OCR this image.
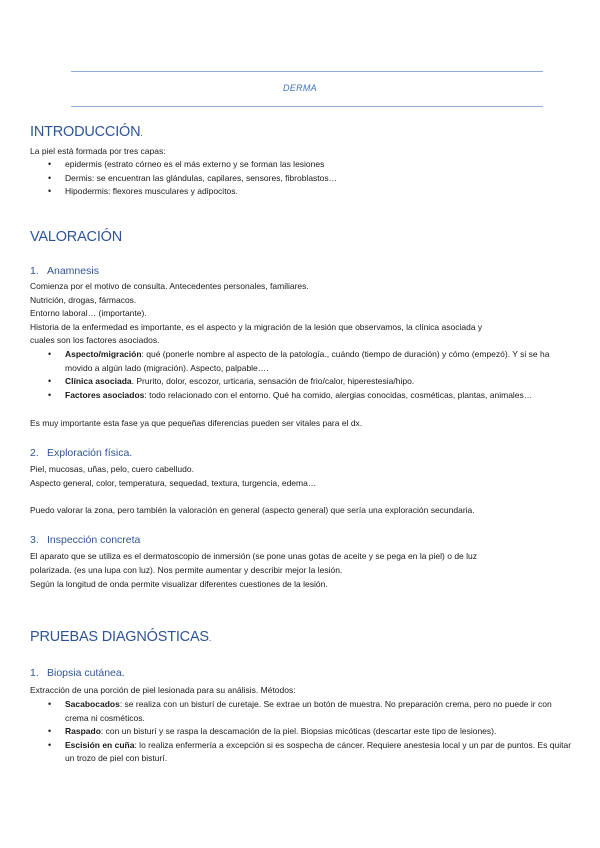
DERMA
INTRODUCCIÓN.
La piel está formada por tres capas:
• epidermis (estrato córneo es el más externo y se forman las lesiones
• Dermis: se encuentran las glándulas, capilares, sensores, fibroblastos…
• Hipodermis: flexores musculares y adipocitos.
VALORACIÓN
1. Anamnesis
Comienza por el motivo de consulta. Antecedentes personales, familiares.
Nutrición, drogas, fármacos.
Entorno laboral… (importante).
Historia de la enfermedad es importante, es el aspecto y la migración de la lesión que observamos, la clínica asociada y
cuales son los factores asociados.
• Aspecto/migración: qué (ponerle nombre al aspecto de la patología., cuándo (tiempo de duración) y cómo (empezó). Y si se ha movido a algún lado (migración). Aspecto, palpable….
• Clínica asociada. Prurito, dolor, escozor, urticaria, sensación de frio/calor, hiperestesia/hipo.
• Factores asociados: todo relacionado con el entorno. Qué ha comido, alergias conocidas, cosméticas, plantas, animales…
Es muy importante esta fase ya que pequeñas diferencias pueden ser vitales para el dx.
2. Exploración física.
Piel, mucosas, uñas, pelo, cuero cabelludo.
Aspecto general, color, temperatura, sequedad, textura, turgencia, edema…
Puedo valorar la zona, pero también la valoración en general (aspecto general) que sería una exploración secundaria.
3. Inspección concreta
El aparato que se utiliza es el dermatoscopio de inmersión (se pone unas gotas de aceite y se pega en la piel) o de luz
polarizada. (es una lupa con luz). Nos permite aumentar y describir mejor la lesión.
Según la longitud de onda permite visualizar diferentes cuestiones de la lesión.
PRUEBAS DIAGNÓSTICAS.
1. Biopsia cutánea.
Extracción de una porción de piel lesionada para su análisis. Métodos:
• Sacabocados: se realiza con un bisturí de curetaje. Se extrae un botón de muestra. No preparación crema, pero no puede ir con crema ni cosméticos.
• Raspado: con un bisturí y se raspa la descamación de la piel. Biopsias micóticas (descartar este tipo de lesiones).
• Escisión en cuña: lo realiza enfermería a excepción si es sospecha de cáncer. Requiere anestesia local y un par de puntos. Es quitar un trozo de piel con bisturí.
